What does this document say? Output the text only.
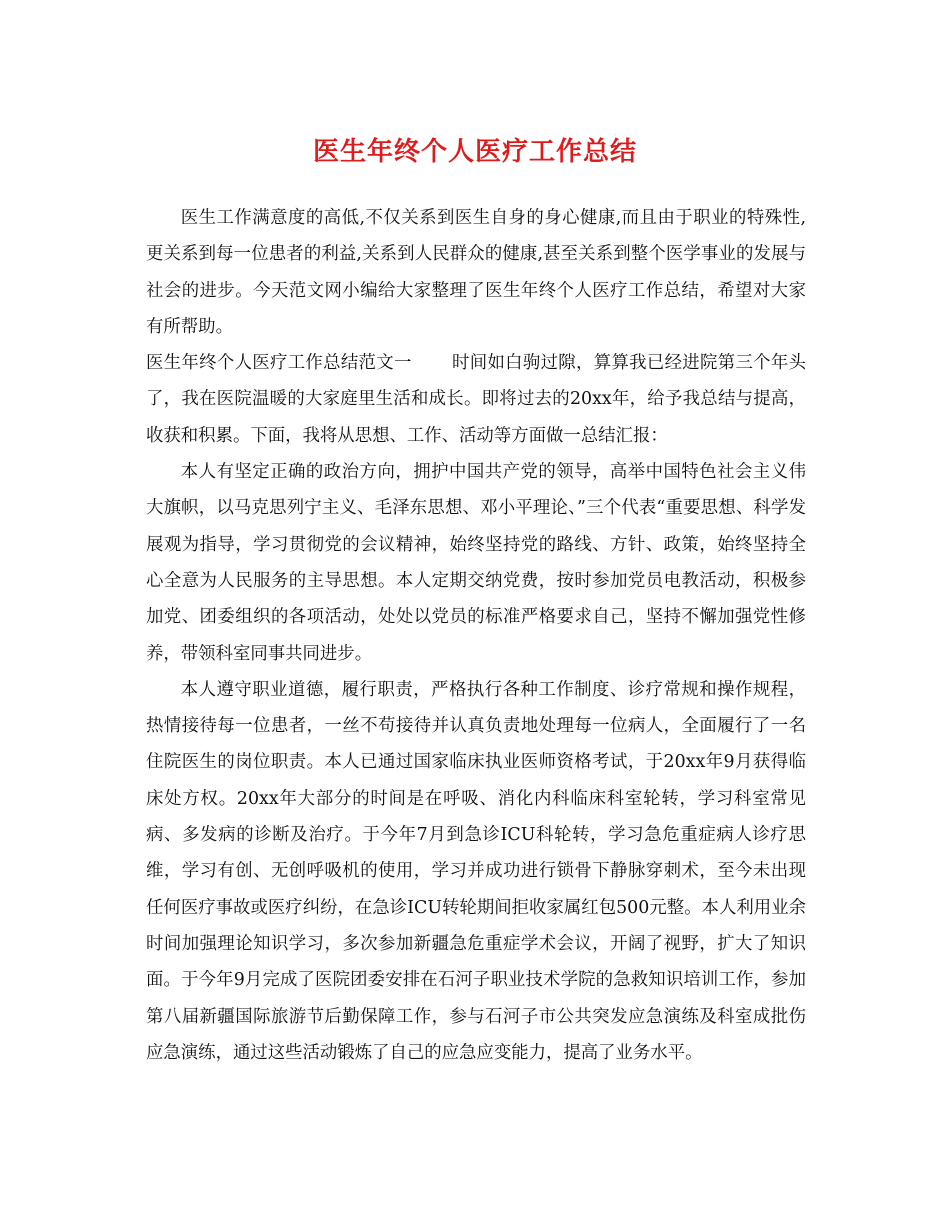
医生年终个人医疗工作总结

医生工作满意度的高低,不仅关系到医生自身的身心健康,而且由于职业的特殊性,更关系到每一位患者的利益,关系到人民群众的健康,甚至关系到整个医学事业的发展与社会的进步。今天范文网小编给大家整理了医生年终个人医疗工作总结，希望对大家有所帮助。

医生年终个人医疗工作总结范文一 时间如白驹过隙，算算我已经进院第三个年头了，我在医院温暖的大家庭里生活和成长。即将过去的20xx年，给予我总结与提高，收获和积累。下面，我将从思想、工作、活动等方面做一总结汇报：

本人有坚定正确的政治方向，拥护中国共产党的领导，高举中国特色社会主义伟大旗帜，以马克思列宁主义、毛泽东思想、邓小平理论、”三个代表“重要思想、科学发展观为指导，学习贯彻党的会议精神，始终坚持党的路线、方针、政策，始终坚持全心全意为人民服务的主导思想。本人定期交纳党费，按时参加党员电教活动，积极参加党、团委组织的各项活动，处处以党员的标准严格要求自己，坚持不懈加强党性修养，带领科室同事共同进步。

本人遵守职业道德，履行职责，严格执行各种工作制度、诊疗常规和操作规程，热情接待每一位患者，一丝不苟接待并认真负责地处理每一位病人，全面履行了一名住院医生的岗位职责。本人已通过国家临床执业医师资格考试，于20xx年9月获得临床处方权。20xx年大部分的时间是在呼吸、消化内科临床科室轮转，学习科室常见病、多发病的诊断及治疗。于今年7月到急诊ICU科轮转，学习急危重症病人诊疗思维，学习有创、无创呼吸机的使用，学习并成功进行锁骨下静脉穿刺术，至今未出现任何医疗事故或医疗纠纷，在急诊ICU转轮期间拒收家属红包500元整。本人利用业余时间加强理论知识学习，多次参加新疆急危重症学术会议，开阔了视野，扩大了知识面。于今年9月完成了医院团委安排在石河子职业技术学院的急救知识培训工作，参加第八届新疆国际旅游节后勤保障工作，参与石河子市公共突发应急演练及科室成批伤应急演练，通过这些活动锻炼了自己的应急应变能力，提高了业务水平。
